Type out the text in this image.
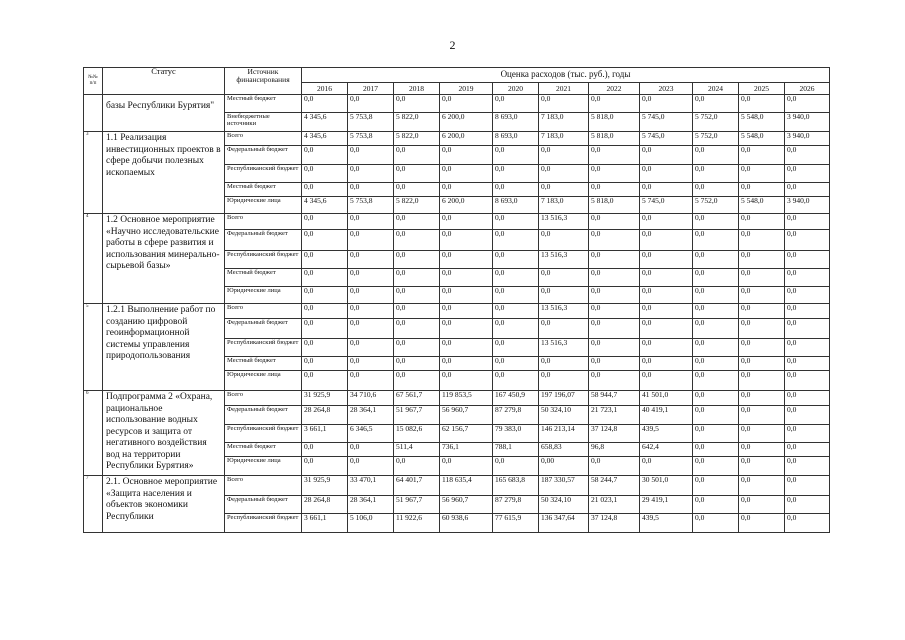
2
№№ п/п	Статус	Источник финансирования	Оценка расходов (тыс. руб.), годы										
			2016	2017	2018	2019	2020	2021	2022	2023	2024	2025	2026
	базы Республики Бурятия"	Местный бюджет	0,0	0,0	0,0	0,0	0,0	0,0	0,0	0,0	0,0	0,0	0,0
		Внебюджетные источники	4 345,6	5 753,8	5 822,0	6 200,0	8 693,0	7 183,0	5 818,0	5 745,0	5 752,0	5 548,0	3 940,0
3	1.1 Реализация инвестиционных проектов в сфере добычи полезных ископаемых	Всего	4 345,6	5 753,8	5 822,0	6 200,0	8 693,0	7 183,0	5 818,0	5 745,0	5 752,0	5 548,0	3 940,0
		Федеральный бюджет	0,0	0,0	0,0	0,0	0,0	0,0	0,0	0,0	0,0	0,0	0,0
		Республиканский бюджет	0,0	0,0	0,0	0,0	0,0	0,0	0,0	0,0	0,0	0,0	0,0
		Местный бюджет	0,0	0,0	0,0	0,0	0,0	0,0	0,0	0,0	0,0	0,0	0,0
		Юридические лица	4 345,6	5 753,8	5 822,0	6 200,0	8 693,0	7 183,0	5 818,0	5 745,0	5 752,0	5 548,0	3 940,0
4	1.2 Основное мероприятие «Научно исследовательские работы в сфере развития и использования минерально-сырьевой базы»	Всего	0,0	0,0	0,0	0,0	0,0	13 516,3	0,0	0,0	0,0	0,0	0,0
		Федеральный бюджет	0,0	0,0	0,0	0,0	0,0	0,0	0,0	0,0	0,0	0,0	0,0
		Республиканский бюджет	0,0	0,0	0,0	0,0	0,0	13 516,3	0,0	0,0	0,0	0,0	0,0
		Местный бюджет	0,0	0,0	0,0	0,0	0,0	0,0	0,0	0,0	0,0	0,0	0,0
		Юридические лица	0,0	0,0	0,0	0,0	0,0	0,0	0,0	0,0	0,0	0,0	0,0
5	1.2.1 Выполнение работ по созданию цифровой геоинформационной системы управления природопользования	Всего	0,0	0,0	0,0	0,0	0,0	13 516,3	0,0	0,0	0,0	0,0	0,0
		Федеральный бюджет	0,0	0,0	0,0	0,0	0,0	0,0	0,0	0,0	0,0	0,0	0,0
		Республиканский бюджет	0,0	0,0	0,0	0,0	0,0	13 516,3	0,0	0,0	0,0	0,0	0,0
		Местный бюджет	0,0	0,0	0,0	0,0	0,0	0,0	0,0	0,0	0,0	0,0	0,0
		Юридические лица	0,0	0,0	0,0	0,0	0,0	0,0	0,0	0,0	0,0	0,0	0,0
6	Подпрограмма 2 «Охрана, рациональное использование водных ресурсов и защита от негативного воздействия вод на территории Республики Бурятия»	Всего	31 925,9	34 710,6	67 561,7	119 853,5	167 450,9	197 196,07	58 944,7	41 501,0	0,0	0,0	0,0
		Федеральный бюджет	28 264,8	28 364,1	51 967,7	56 960,7	87 279,8	50 324,10	21 723,1	40 419,1	0,0	0,0	0,0
		Республиканский бюджет	3 661,1	6 346,5	15 082,6	62 156,7	79 383,0	146 213,14	37 124,8	439,5	0,0	0,0	0,0
		Местный бюджет	0,0	0,0	511,4	736,1	788,1	658,83	96,8	642,4	0,0	0,0	0,0
		Юридические лица	0,0	0,0	0,0	0,0	0,0	0,00	0,0	0,0	0,0	0,0	0,0
7	2.1. Основное мероприятие «Защита населения и объектов экономики Республики	Всего	31 925,9	33 470,1	64 401,7	118 635,4	165 683,8	187 330,57	58 244,7	30 501,0	0,0	0,0	0,0
		Федеральный бюджет	28 264,8	28 364,1	51 967,7	56 960,7	87 279,8	50 324,10	21 023,1	29 419,1	0,0	0,0	0,0
		Республиканский бюджет	3 661,1	5 106,0	11 922,6	60 938,6	77 615,9	136 347,64	37 124,8	439,5	0,0	0,0	0,0
